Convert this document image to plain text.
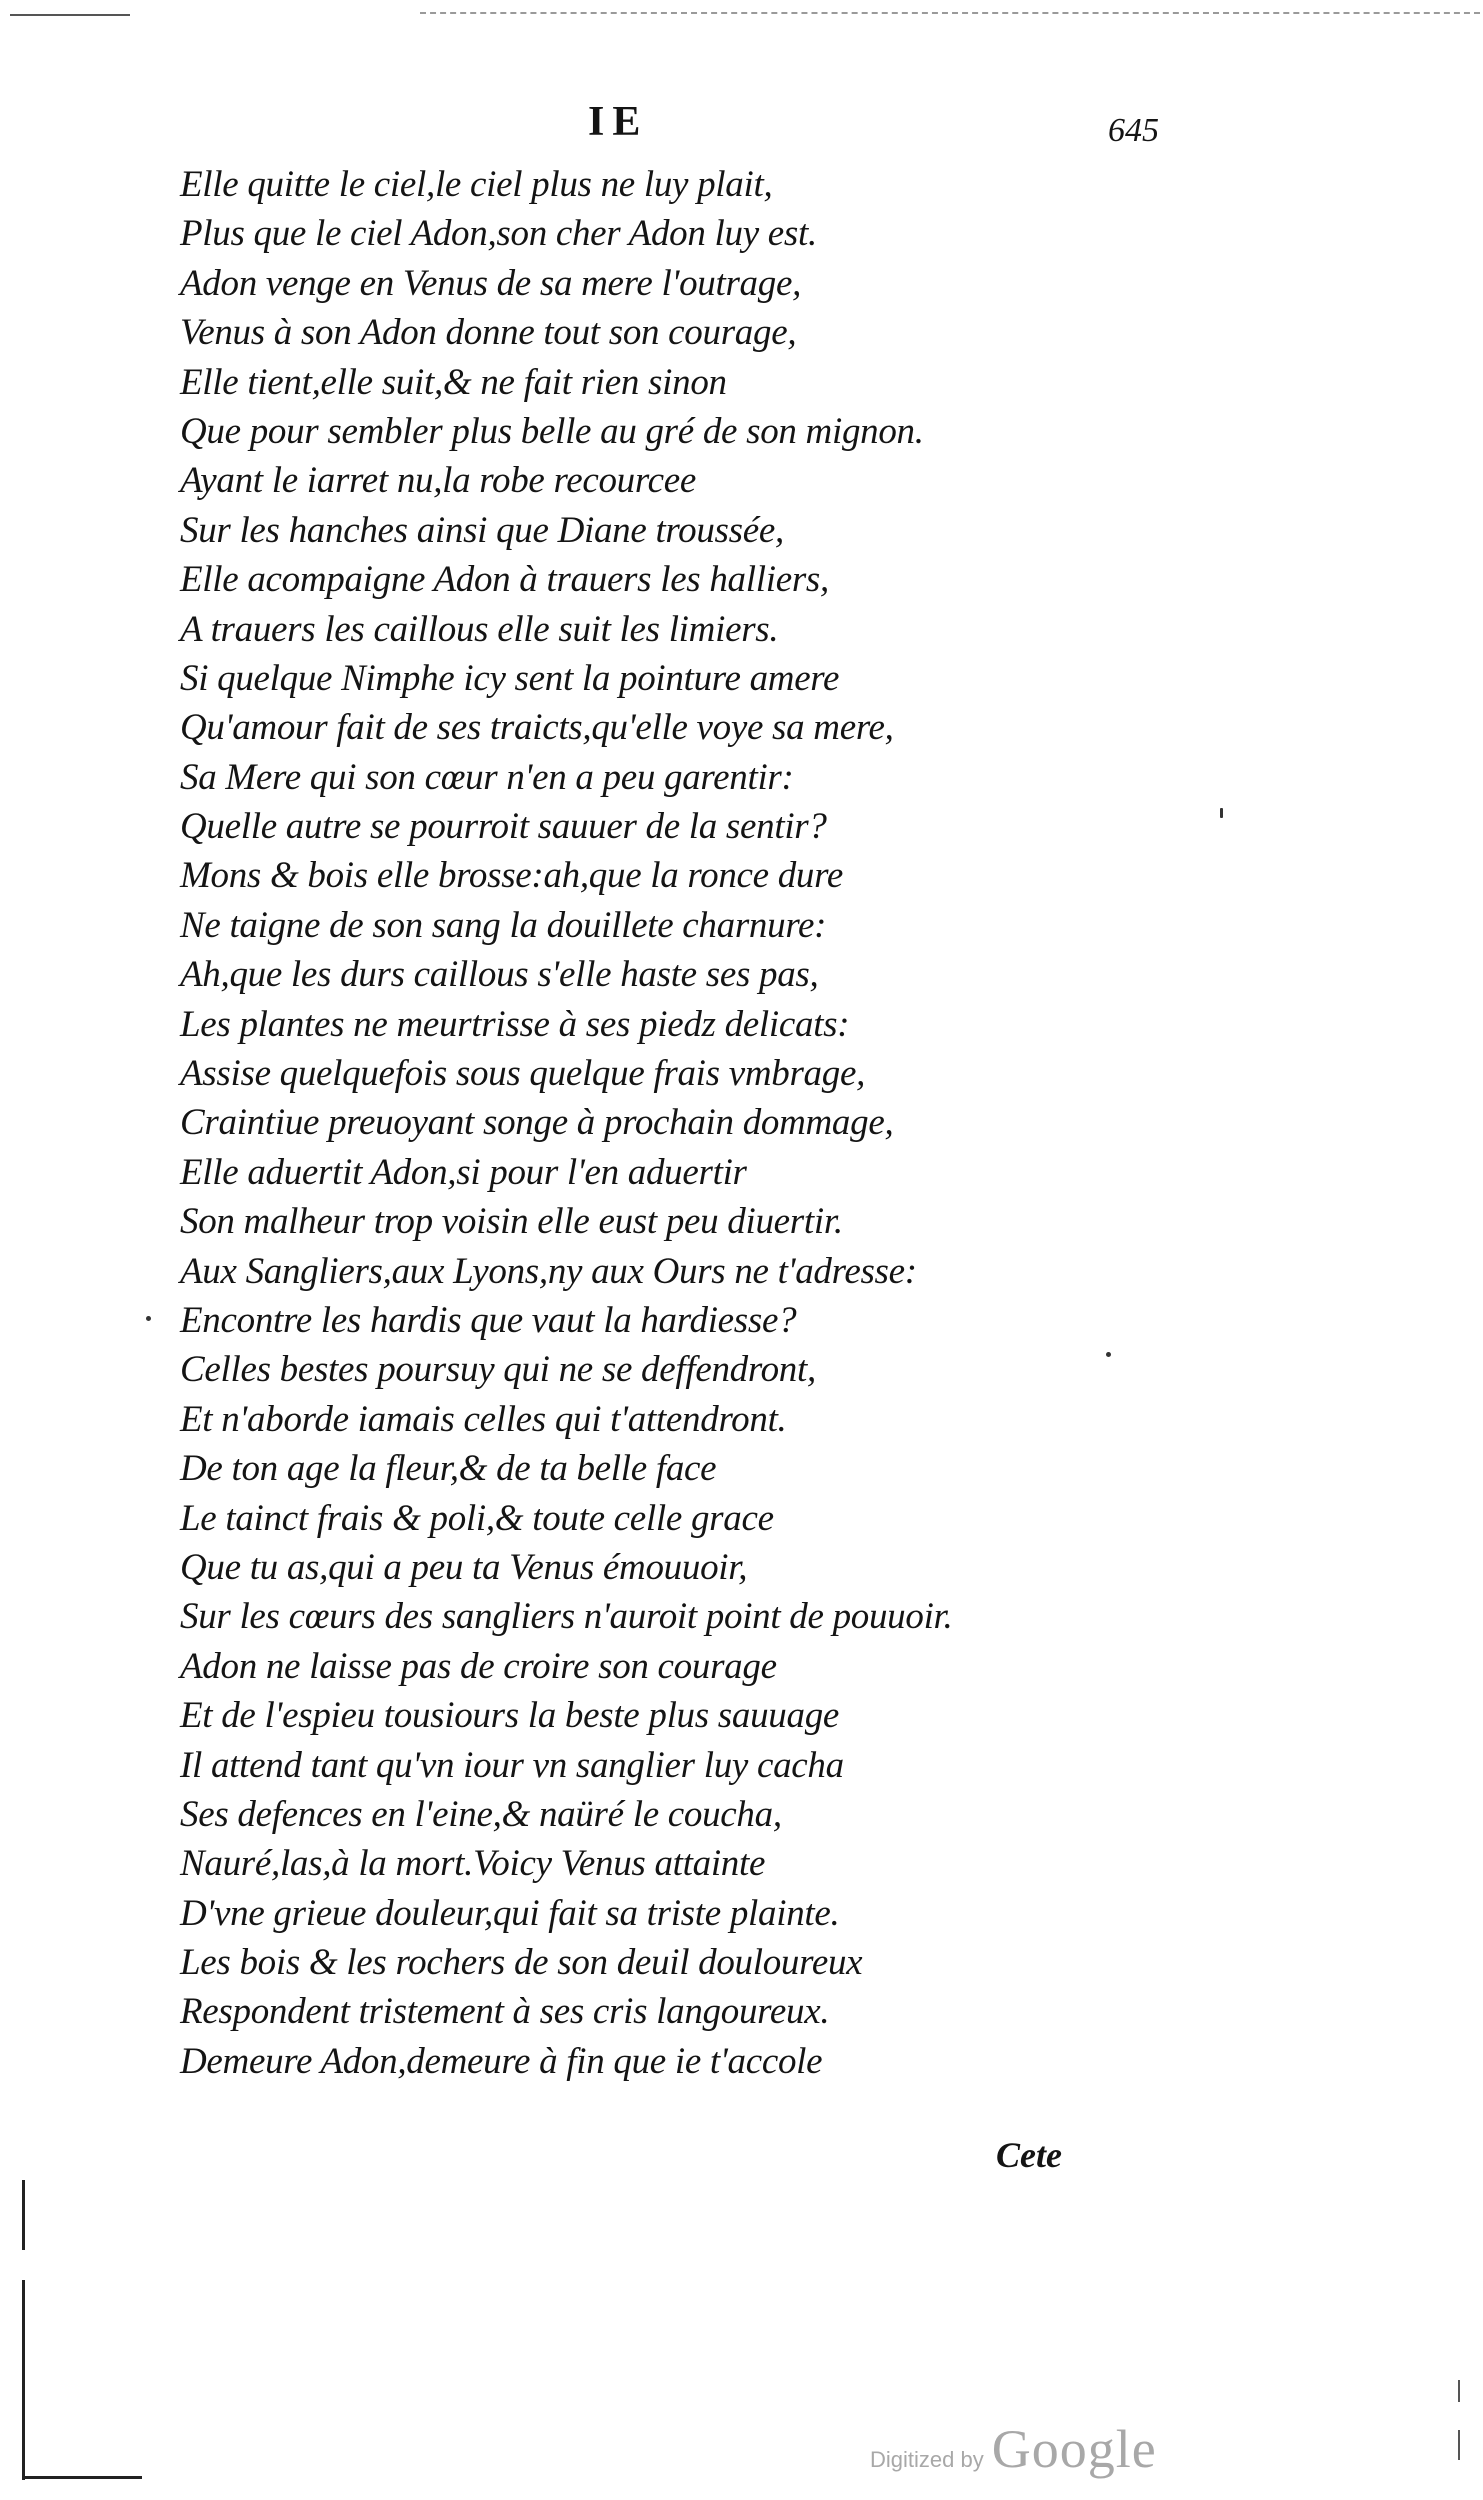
IE	645
Elle quitte le ciel,le ciel plus ne luy plait,
Plus que le ciel Adon,son cher Adon luy est.
Adon venge en Venus de sa mere l'outrage,
Venus à son Adon donne tout son courage,
Elle tient,elle suit,& ne fait rien sinon
Que pour sembler plus belle au gré de son mignon.
Ayant le iarret nu,la robe recourcee
Sur les hanches ainsi que Diane troussée,
Elle acompaigne Adon à trauers les halliers,
A trauers les caillous elle suit les limiers.
Si quelque Nimphe icy sent la pointure amere
Qu'amour fait de ses traicts,qu'elle voye sa mere,
Sa Mere qui son cœur n'en a peu garentir:
Quelle autre se pourroit sauuer de la sentir?
Mons & bois elle brosse:ah,que la ronce dure
Ne taigne de son sang la douillete charnure:
Ah,que les durs caillous s'elle haste ses pas,
Les plantes ne meurtrisse à ses piedz delicats:
Assise quelquefois sous quelque frais vmbrage,
Craintiue preuoyant songe à prochain dommage,
Elle aduertit Adon,si pour l'en aduertir
Son malheur trop voisin elle eust peu diuertir.
Aux Sangliers,aux Lyons,ny aux Ours ne t'adresse:
Encontre les hardis que vaut la hardiesse?
Celles bestes poursuy qui ne se deffendront,
Et n'aborde iamais celles qui t'attendront.
De ton age la fleur,& de ta belle face
Le tainct frais & poli,& toute celle grace
Que tu as,qui a peu ta Venus émouuoir,
Sur les cœurs des sangliers n'auroit point de pouuoir.
Adon ne laisse pas de croire son courage
Et de l'espieu tousiours la beste plus sauuage
Il attend tant qu'vn iour vn sanglier luy cacha
Ses defences en l'eine,& naüré le coucha,
Nauré,las,à la mort.Voicy Venus attainte
D'vne grieue douleur,qui fait sa triste plainte.
Les bois & les rochers de son deuil douloureux
Respondent tristement à ses cris langoureux.
Demeure Adon,demeure à fin que ie t'accole
Cete
Digitized by Google
